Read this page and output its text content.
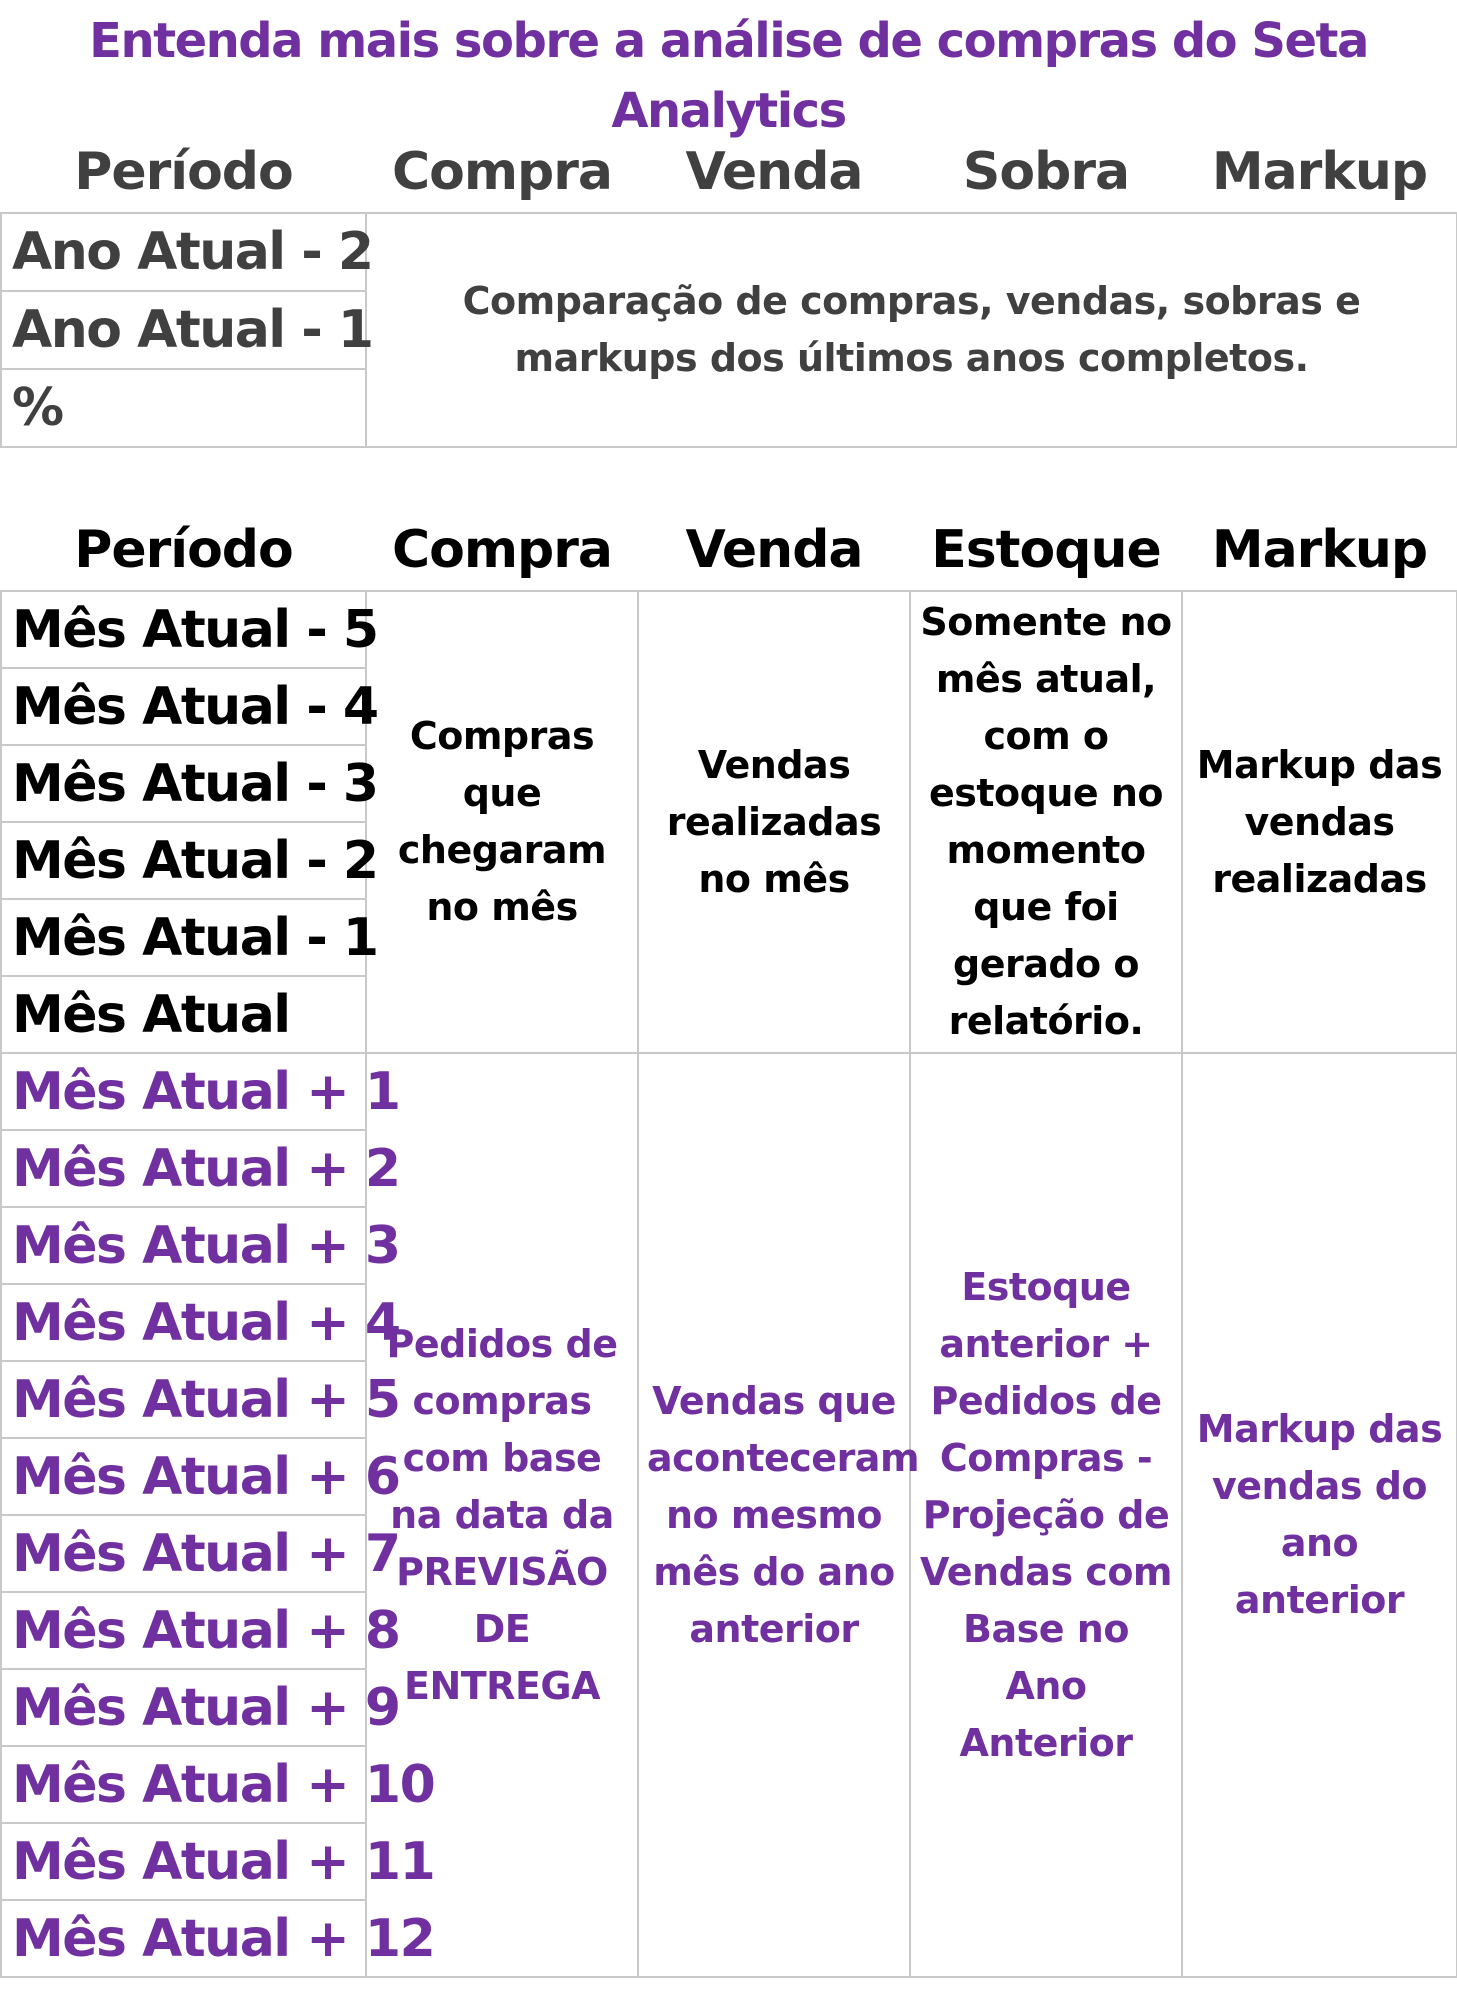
Entenda mais sobre a análise de compras do Seta Analytics
Período	Compra	Venda	Sobra	Markup
Ano Atual - 2	Comparação de compras, vendas, sobras e markups dos últimos anos completos.			
Ano Atual - 1				
%				
Período	Compra	Venda	Estoque	Markup
Mês Atual - 5	Compras que chegaram no mês	Vendas realizadas no mês	Somente no mês atual, com o estoque no momento que foi gerado o relatório.	Markup das vendas realizadas
Mês Atual - 4				
Mês Atual - 3				
Mês Atual - 2				
Mês Atual - 1				
Mês Atual				
Mês Atual + 1	Pedidos de compras com base na data da PREVISÃO DE ENTREGA	Vendas que aconteceram no mesmo mês do ano anterior	Estoque anterior + Pedidos de Compras - Projeção de Vendas com Base no Ano Anterior	Markup das vendas do ano anterior
Mês Atual + 2				
Mês Atual + 3				
Mês Atual + 4				
Mês Atual + 5				
Mês Atual + 6				
Mês Atual + 7				
Mês Atual + 8				
Mês Atual + 9				
Mês Atual + 10				
Mês Atual + 11				
Mês Atual + 12				
